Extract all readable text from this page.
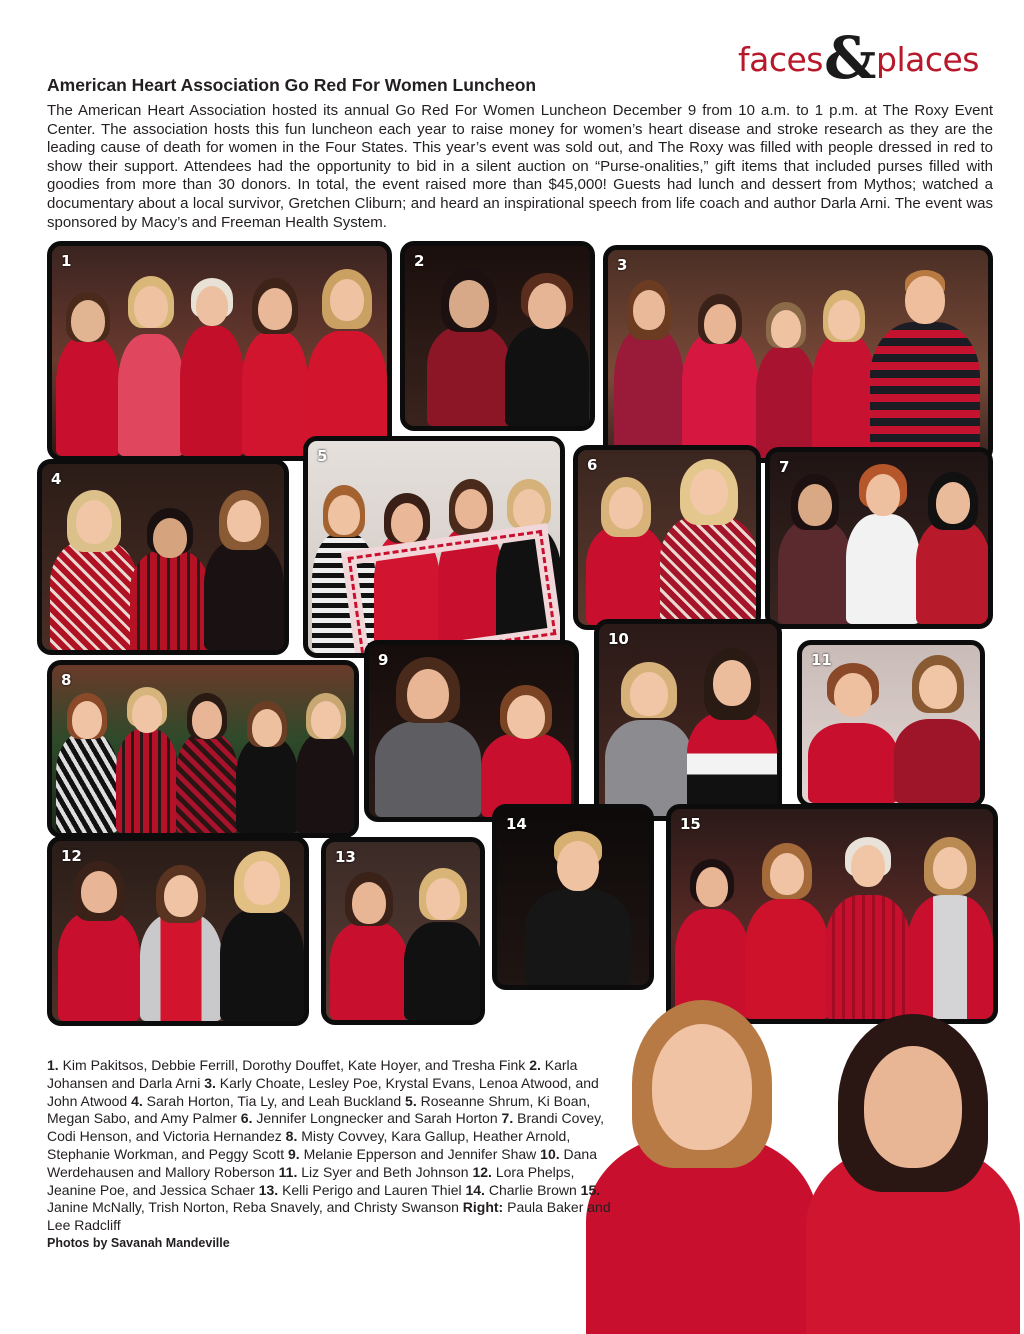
faces & places
American Heart Association Go Red For Women Luncheon
The American Heart Association hosted its annual Go Red For Women Luncheon December 9 from 10 a.m. to 1 p.m. at The Roxy Event Center. The association hosts this fun luncheon each year to raise money for women’s heart disease and stroke research as they are the leading cause of death for women in the Four States. This year’s event was sold out, and The Roxy was filled with people dressed in red to show their support. Attendees had the opportunity to bid in a silent auction on “Purse-onalities,” gift items that included purses filled with goodies from more than 30 donors. In total, the event raised more than $45,000! Guests had lunch and dessert from Mythos; watched a documentary about a local survivor, Gretchen Cliburn; and heard an inspirational speech from life coach and author Darla Arni. The event was sponsored by Macy’s and Freeman Health System.
1	2	3
4
5	6	7
8
9
10
11
12	13
14	15
1. Kim Pakitsos, Debbie Ferrill, Dorothy Douffet, Kate Hoyer, and Tresha Fink 2. Karla Johansen and Darla Arni 3. Karly Choate, Lesley Poe, Krystal Evans, Lenoa Atwood, and John Atwood 4. Sarah Horton, Tia Ly, and Leah Buckland 5. Roseanne Shrum, Ki Boan, Megan Sabo, and Amy Palmer 6. Jennifer Longnecker and Sarah Horton 7. Brandi Covey, Codi Henson, and Victoria Hernandez 8. Misty Covvey, Kara Gallup, Heather Arnold, Stephanie Workman, and Peggy Scott 9. Melanie Epperson and Jennifer Shaw 10. Dana Werdehausen and Mallory Roberson 11. Liz Syer and Beth Johnson 12. Lora Phelps, Jeanine Poe, and Jessica Schaer 13. Kelli Perigo and Lauren Thiel 14. Charlie Brown 15. Janine McNally, Trish Norton, Reba Snavely, and Christy Swanson Right: Paula Baker and Lee Radcliff
Photos by Savanah Mandeville
